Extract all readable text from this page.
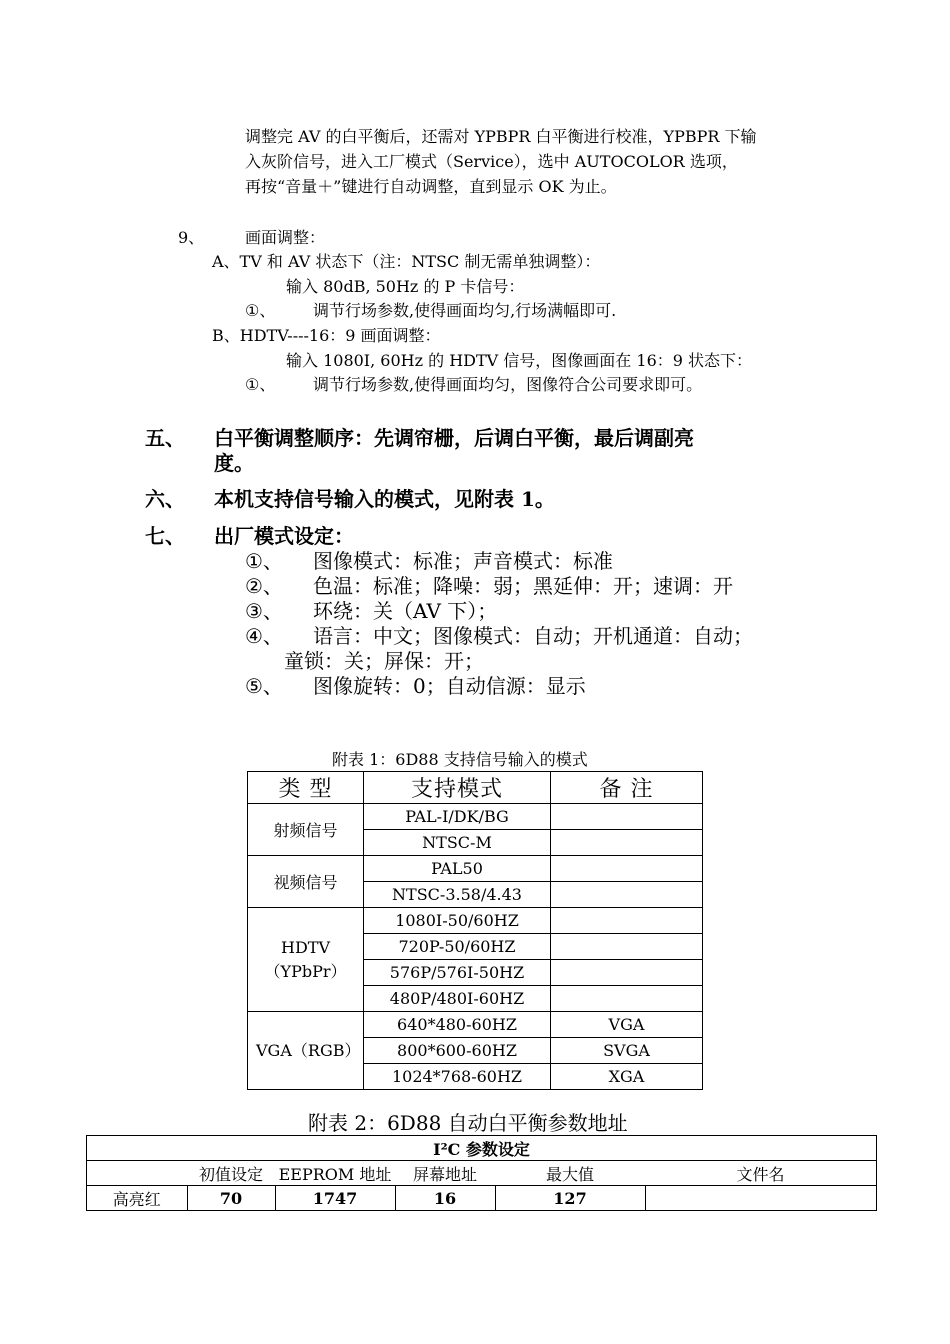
调整完 AV 的白平衡后，还需对 YPBPR 白平衡进行校准，YPBPR 下输
入灰阶信号，进入工厂模式（Service），选中 AUTOCOLOR 选项，
再按“音量＋”键进行自动调整，直到显示 OK 为止。
9、	画面调整：
A、TV 和 AV 状态下（注：NTSC 制无需单独调整）：
输入 80dB, 50Hz 的 P 卡信号：
①、 调节行场参数,使得画面均匀,行场满幅即可.
B、HDTV----16：9 画面调整：
输入 1080I, 60Hz 的 HDTV 信号，图像画面在 16：9 状态下：
①、 调节行场参数,使得画面均匀，图像符合公司要求即可。
五、 白平衡调整顺序：先调帘栅，后调白平衡，最后调副亮
度。
六、 本机支持信号输入的模式，见附表 1。
七、 出厂模式设定：
①、 图像模式：标准；声音模式：标准
②、 色温：标准；降噪：弱；黑延伸：开；速调：开
③、 环绕：关（AV 下）；
④、 语言：中文；图像模式：自动；开机通道：自动；
童锁：关；屏保：开；
⑤、 图像旋转：0；自动信源：显示
附表 1：6D88 支持信号输入的模式
类 型	支持模式	备 注
射频信号	PAL-I/DK/BG	
	NTSC-M	
视频信号	PAL50	
	NTSC-3.58/4.43	
HDTV（YPbPr）	1080I-50/60HZ	
	720P-50/60HZ	
	576P/576I-50HZ	
	480P/480I-60HZ	
VGA（RGB）	640*480-60HZ	VGA
	800*600-60HZ	SVGA
	1024*768-60HZ	XGA
附表 2：6D88 自动白平衡参数地址
I²C 参数设定					
	初值设定	EEPROM 地址	屏幕地址	最大值	文件名
高亮红	70	1747	16	127	
